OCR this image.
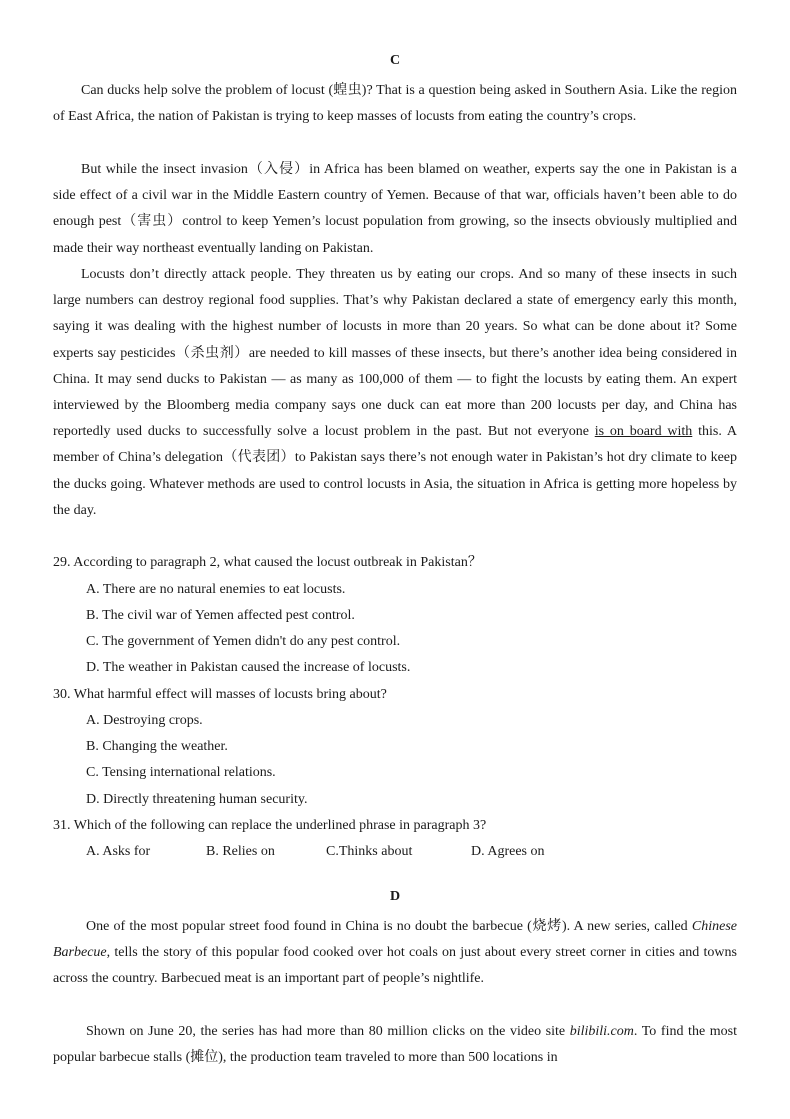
C
Can ducks help solve the problem of locust (蝗虫)? That is a question being asked in Southern Asia. Like the region of East Africa, the nation of Pakistan is trying to keep masses of locusts from eating the country’s crops.
But while the insect invasion（入侵）in Africa has been blamed on weather, experts say the one in Pakistan is a side effect of a civil war in the Middle Eastern country of Yemen. Because of that war, officials haven’t been able to do enough pest（害虫）control to keep Yemen’s locust population from growing, so the insects obviously multiplied and made their way northeast eventually landing on Pakistan.
Locusts don’t directly attack people. They threaten us by eating our crops. And so many of these insects in such large numbers can destroy regional food supplies. That’s why Pakistan declared a state of emergency early this month, saying it was dealing with the highest number of locusts in more than 20 years. So what can be done about it? Some experts say pesticides（杀虫剂）are needed to kill masses of these insects, but there’s another idea being considered in China. It may send ducks to Pakistan — as many as 100,000 of them — to fight the locusts by eating them. An expert interviewed by the Bloomberg media company says one duck can eat more than 200 locusts per day, and China has reportedly used ducks to successfully solve a locust problem in the past. But not everyone is on board with this. A member of China’s delegation（代表团）to Pakistan says there’s not enough water in Pakistan’s hot dry climate to keep the ducks going. Whatever methods are used to control locusts in Asia, the situation in Africa is getting more hopeless by the day.
29. According to paragraph 2, what caused the locust outbreak in Pakistan？
A. There are no natural enemies to eat locusts.
B. The civil war of Yemen affected pest control.
C. The government of Yemen didn't do any pest control.
D. The weather in Pakistan caused the increase of locusts.
30. What harmful effect will masses of locusts bring about?
A. Destroying crops.
B. Changing the weather.
C. Tensing international relations.
D. Directly threatening human security.
31. Which of the following can replace the underlined phrase in paragraph 3?
A. Asks for	B. Relies on	C.Thinks about	D. Agrees on
D
One of the most popular street food found in China is no doubt the barbecue (烧烤). A new series, called Chinese Barbecue, tells the story of this popular food cooked over hot coals on just about every street corner in cities and towns across the country. Barbecued meat is an important part of people’s nightlife.
Shown on June 20, the series has had more than 80 million clicks on the video site bilibili.com. To find the most popular barbecue stalls (摊位), the production team traveled to more than 500 locations in
